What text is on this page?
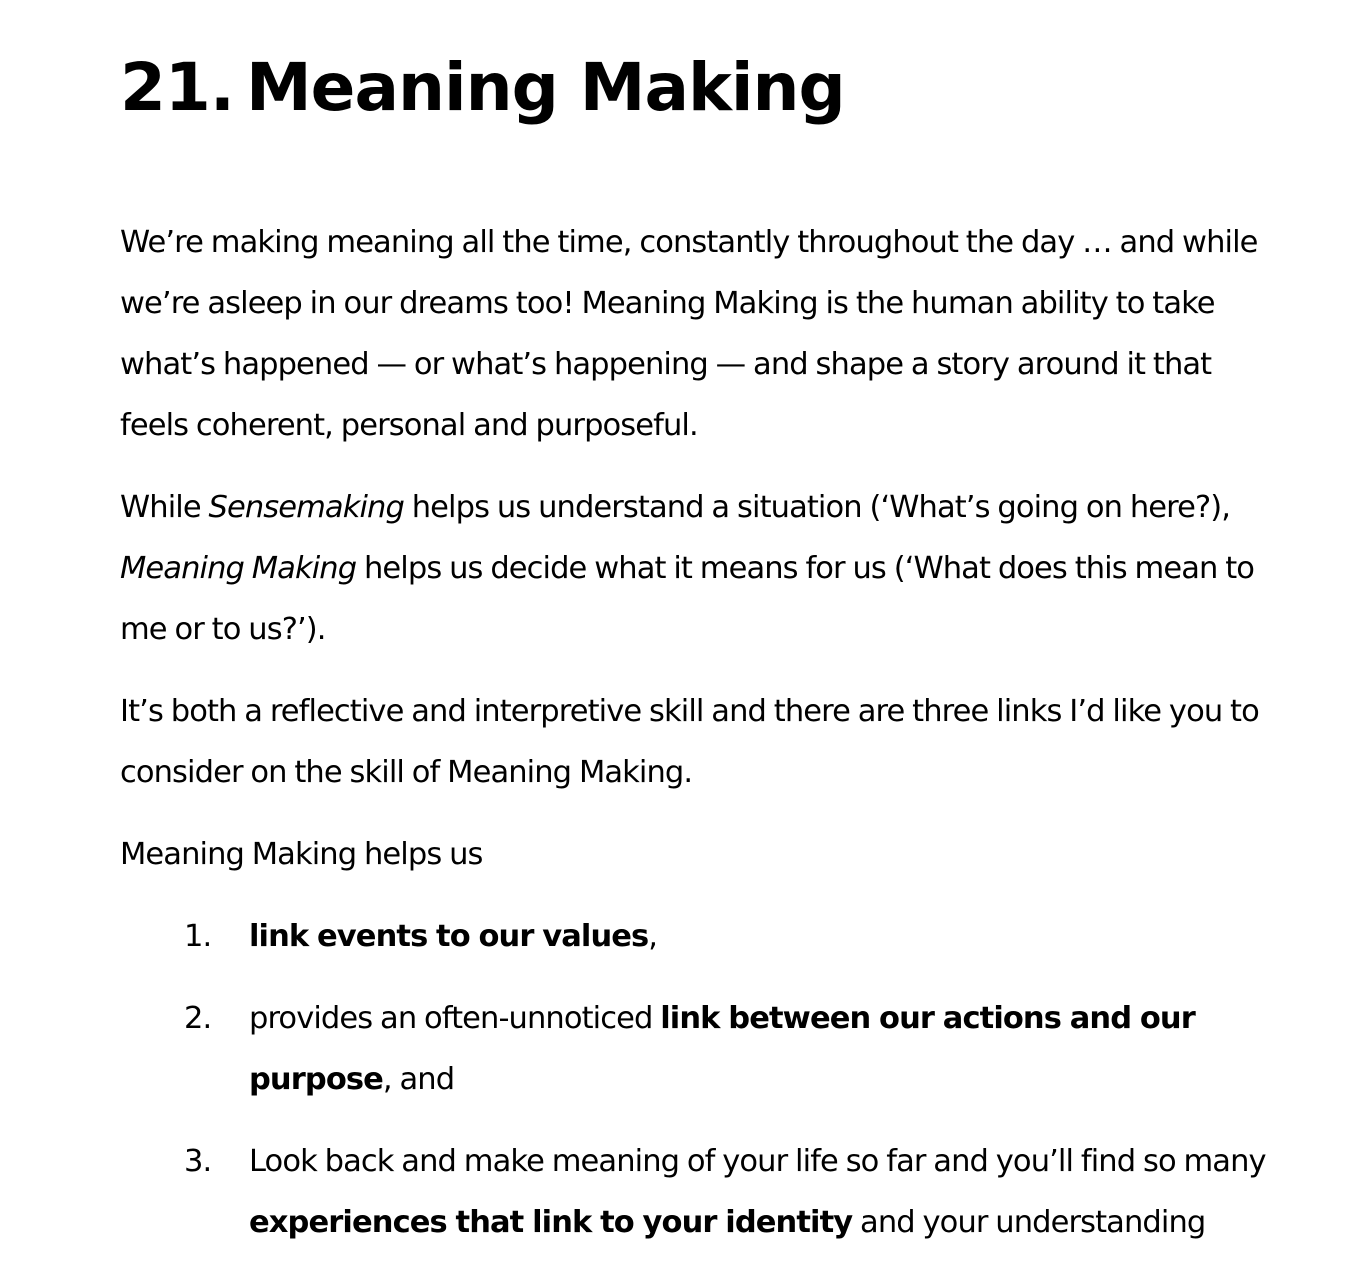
21. Meaning Making

We’re making meaning all the time, constantly throughout the day … and while we’re asleep in our dreams too! Meaning Making is the human ability to take what’s happened — or what’s happening — and shape a story around it that feels coherent, personal and purposeful.

While Sensemaking helps us understand a situation (‘What’s going on here?), Meaning Making helps us decide what it means for us (‘What does this mean to me or to us?’).

It’s both a reflective and interpretive skill and there are three links I’d like you to consider on the skill of Meaning Making.

Meaning Making helps us

1. link events to our values,
2. provides an often-unnoticed link between our actions and our purpose, and
3. Look back and make meaning of your life so far and you’ll find so many experiences that link to your identity and your understanding
